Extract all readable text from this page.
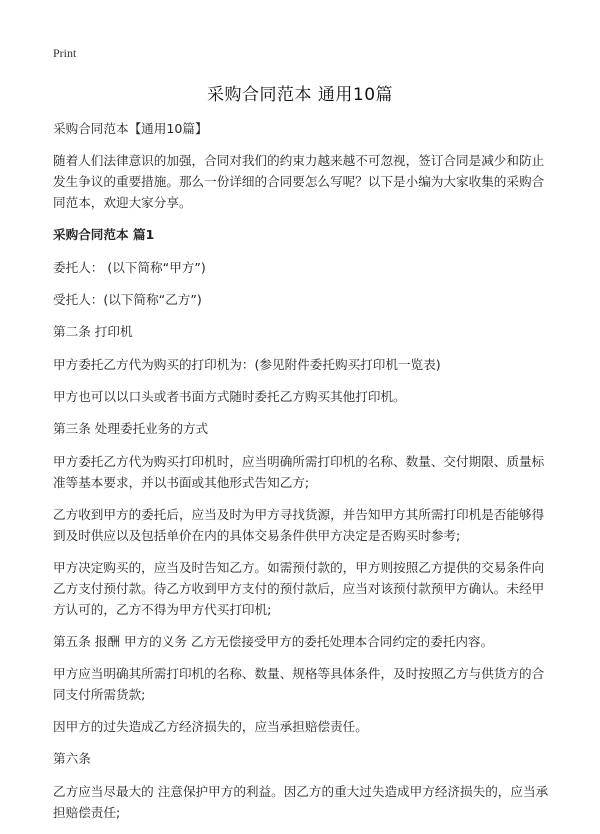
Print
采购合同范本 通用10篇

采购合同范本【通用10篇】

随着人们法律意识的加强，合同对我们的约束力越来越不可忽视，签订合同是减少和防止发生争议的重要措施。那么一份详细的合同要怎么写呢？以下是小编为大家收集的采购合同范本，欢迎大家分享。

采购合同范本 篇1

委托人： (以下简称“甲方”)

受托人：(以下简称“乙方”)

第二条 打印机

甲方委托乙方代为购买的打印机为：(参见附件委托购买打印机一览表)

甲方也可以以口头或者书面方式随时委托乙方购买其他打印机。

第三条 处理委托业务的方式

甲方委托乙方代为购买打印机时，应当明确所需打印机的名称、数量、交付期限、质量标准等基本要求，并以书面或其他形式告知乙方;

乙方收到甲方的委托后，应当及时为甲方寻找货源，并告知甲方其所需打印机是否能够得到及时供应以及包括单价在内的具体交易条件供甲方决定是否购买时参考;

甲方决定购买的，应当及时告知乙方。如需预付款的，甲方则按照乙方提供的交易条件向乙方支付预付款。待乙方收到甲方支付的预付款后，应当对该预付款预甲方确认。未经甲方认可的，乙方不得为甲方代买打印机;

第五条 报酬 甲方的义务 乙方无偿接受甲方的委托处理本合同约定的委托内容。

甲方应当明确其所需打印机的名称、数量、规格等具体条件，及时按照乙方与供货方的合同支付所需货款;

因甲方的过失造成乙方经济损失的，应当承担赔偿责任。

第六条

乙方应当尽最大的 注意保护甲方的利益。因乙方的重大过失造成甲方经济损失的，应当承担赔偿责任;
